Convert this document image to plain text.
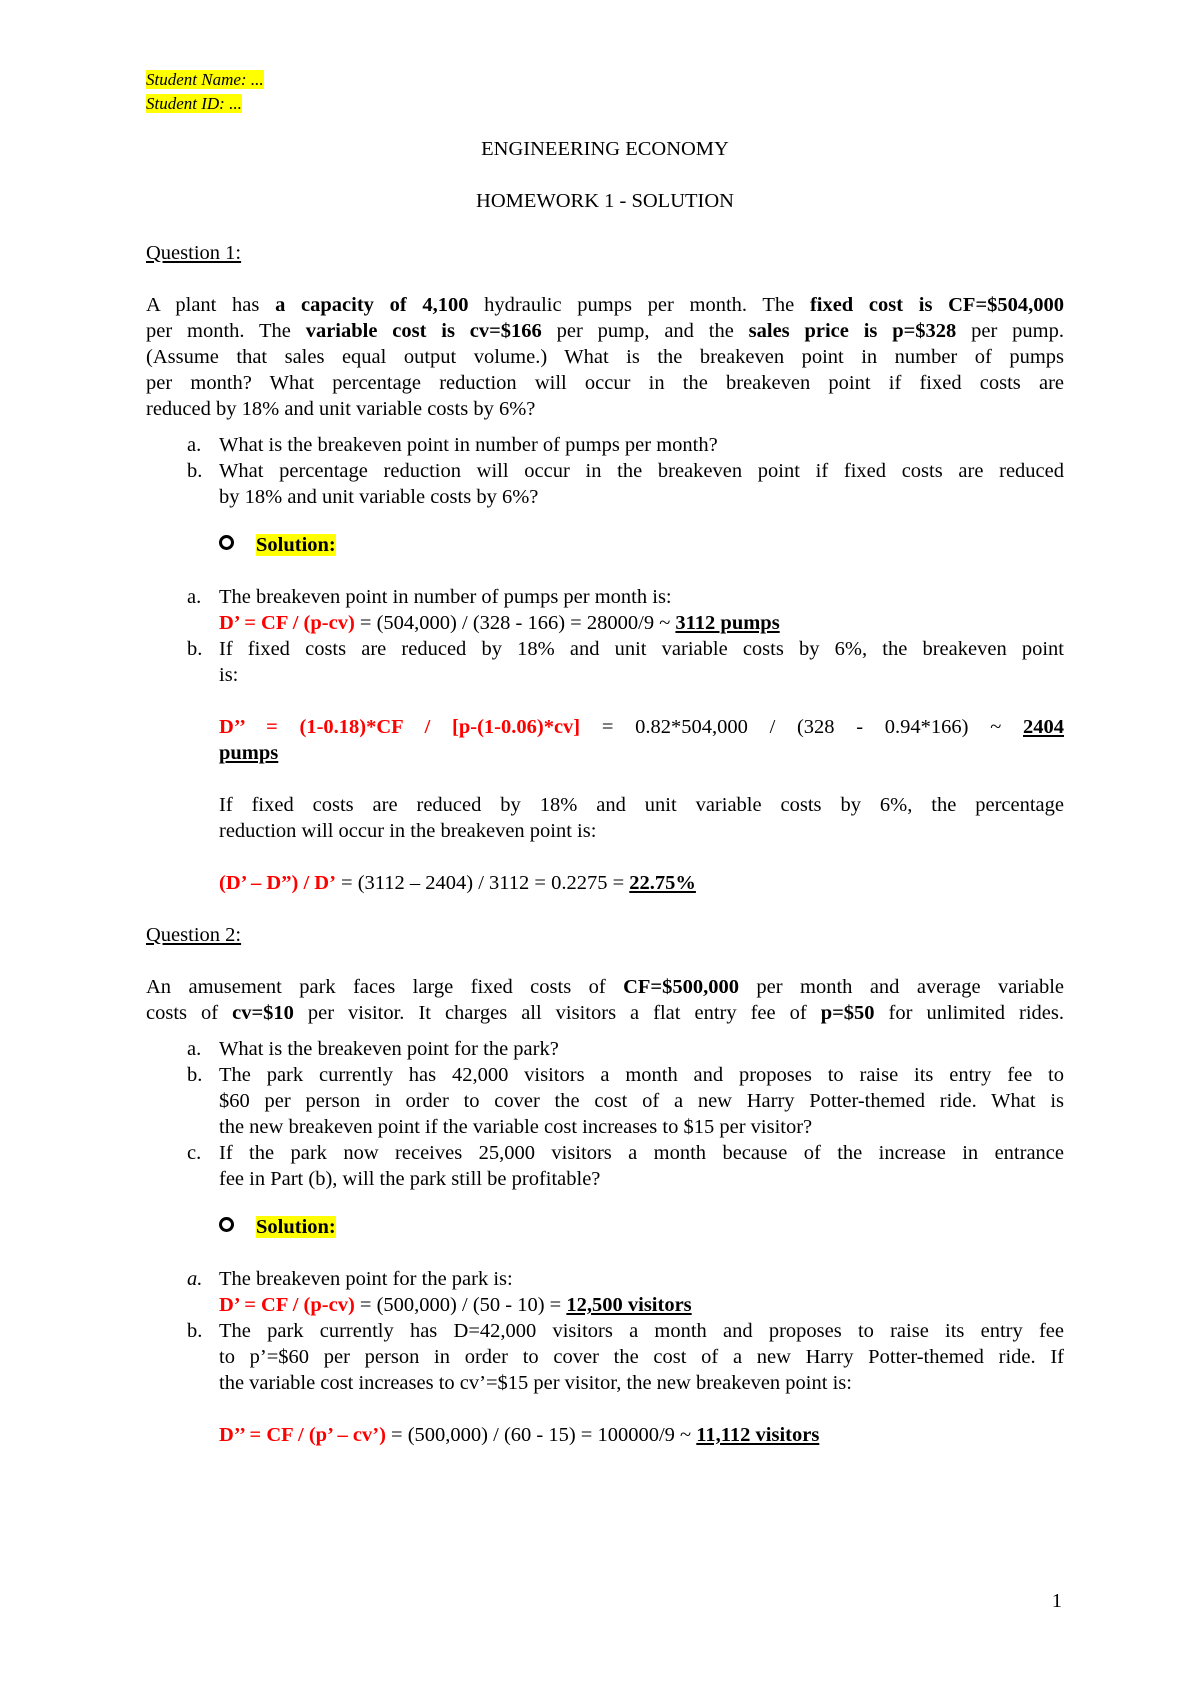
Student Name: ...
Student ID: ...
ENGINEERING ECONOMY
HOMEWORK 1 - SOLUTION
Question 1:
A plant has a capacity of 4,100 hydraulic pumps per month. The fixed cost is CF=$504,000
per month. The variable cost is cv=$166 per pump, and the sales price is p=$328 per pump.
(Assume that sales equal output volume.) What is the breakeven point in number of pumps
per month? What percentage reduction will occur in the breakeven point if fixed costs are
reduced by 18% and unit variable costs by 6%?
a. What is the breakeven point in number of pumps per month?
b. What percentage reduction will occur in the breakeven point if fixed costs are reduced
by 18% and unit variable costs by 6%?
Solution:
a. The breakeven point in number of pumps per month is:
D’ = CF / (p-cv) = (504,000) / (328 - 166) = 28000/9 ~ 3112 pumps
b. If fixed costs are reduced by 18% and unit variable costs by 6%, the breakeven point
is:
D’’ = (1-0.18)*CF / [p-(1-0.06)*cv] = 0.82*504,000 / (328 - 0.94*166) ~ 2404
pumps
If fixed costs are reduced by 18% and unit variable costs by 6%, the percentage
reduction will occur in the breakeven point is:
(D’ – D”) / D’ = (3112 – 2404) / 3112 = 0.2275 = 22.75%
Question 2:
An amusement park faces large fixed costs of CF=$500,000 per month and average variable
costs of cv=$10 per visitor. It charges all visitors a flat entry fee of p=$50 for unlimited rides.
a. What is the breakeven point for the park?
b. The park currently has 42,000 visitors a month and proposes to raise its entry fee to
$60 per person in order to cover the cost of a new Harry Potter-themed ride. What is
the new breakeven point if the variable cost increases to $15 per visitor?
c. If the park now receives 25,000 visitors a month because of the increase in entrance
fee in Part (b), will the park still be profitable?
Solution:
a. The breakeven point for the park is:
D’ = CF / (p-cv) = (500,000) / (50 - 10) = 12,500 visitors
b. The park currently has D=42,000 visitors a month and proposes to raise its entry fee
to p’=$60 per person in order to cover the cost of a new Harry Potter-themed ride. If
the variable cost increases to cv’=$15 per visitor, the new breakeven point is:
D’’ = CF / (p’ – cv’) = (500,000) / (60 - 15) = 100000/9 ~ 11,112 visitors
1
